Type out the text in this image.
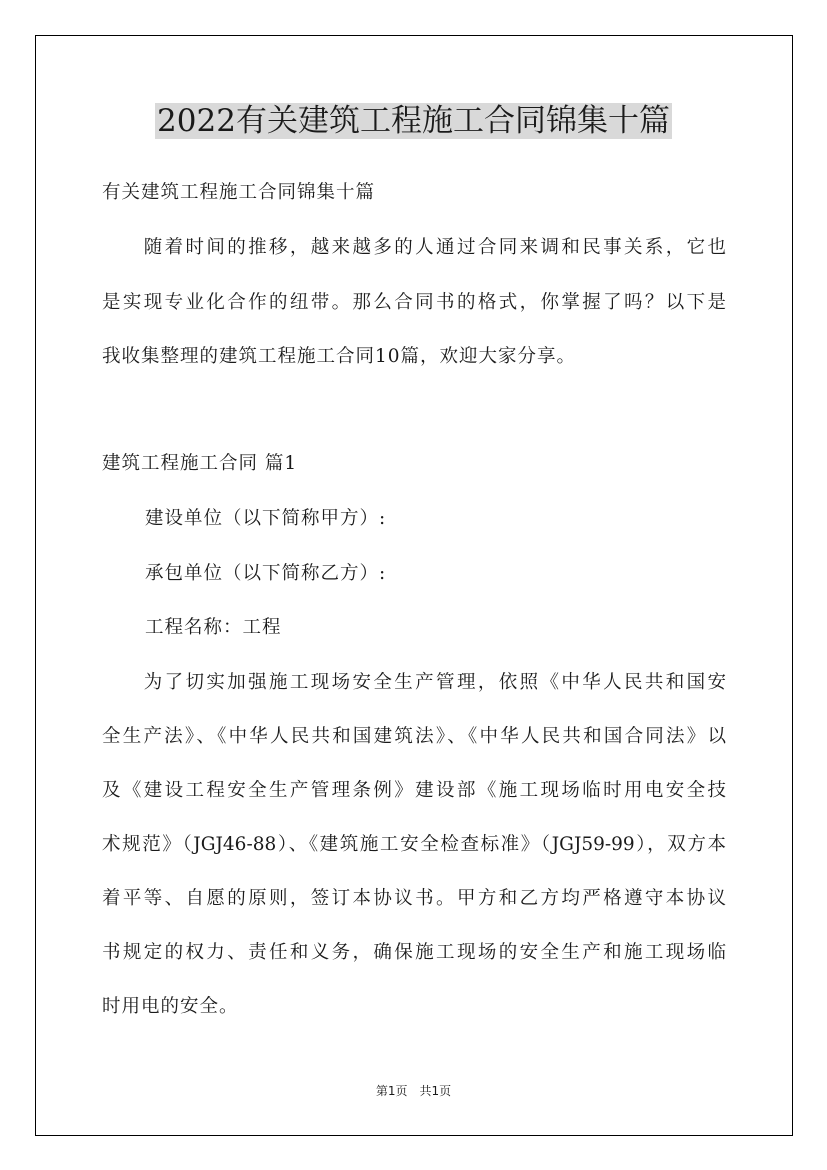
2022有关建筑工程施工合同锦集十篇
有关建筑工程施工合同锦集十篇
　　随着时间的推移，越来越多的人通过合同来调和民事关系，它也
是实现专业化合作的纽带。那么合同书的格式，你掌握了吗？以下是
我收集整理的建筑工程施工合同10篇，欢迎大家分享。
建筑工程施工合同 篇1
建设单位（以下简称甲方）:
承包单位（以下简称乙方）:
工程名称：工程
　　为了切实加强施工现场安全生产管理，依照《中华人民共和国安
全生产法》、《中华人民共和国建筑法》、《中华人民共和国合同法》以
及《建设工程安全生产管理条例》建设部《施工现场临时用电安全技
术规范》（JGJ46-88）、《建筑施工安全检查标准》（JGJ59-99），双方本
着平等、自愿的原则，签订本协议书。甲方和乙方均严格遵守本协议
书规定的权力、责任和义务，确保施工现场的安全生产和施工现场临
时用电的安全。
第1页　共1页
